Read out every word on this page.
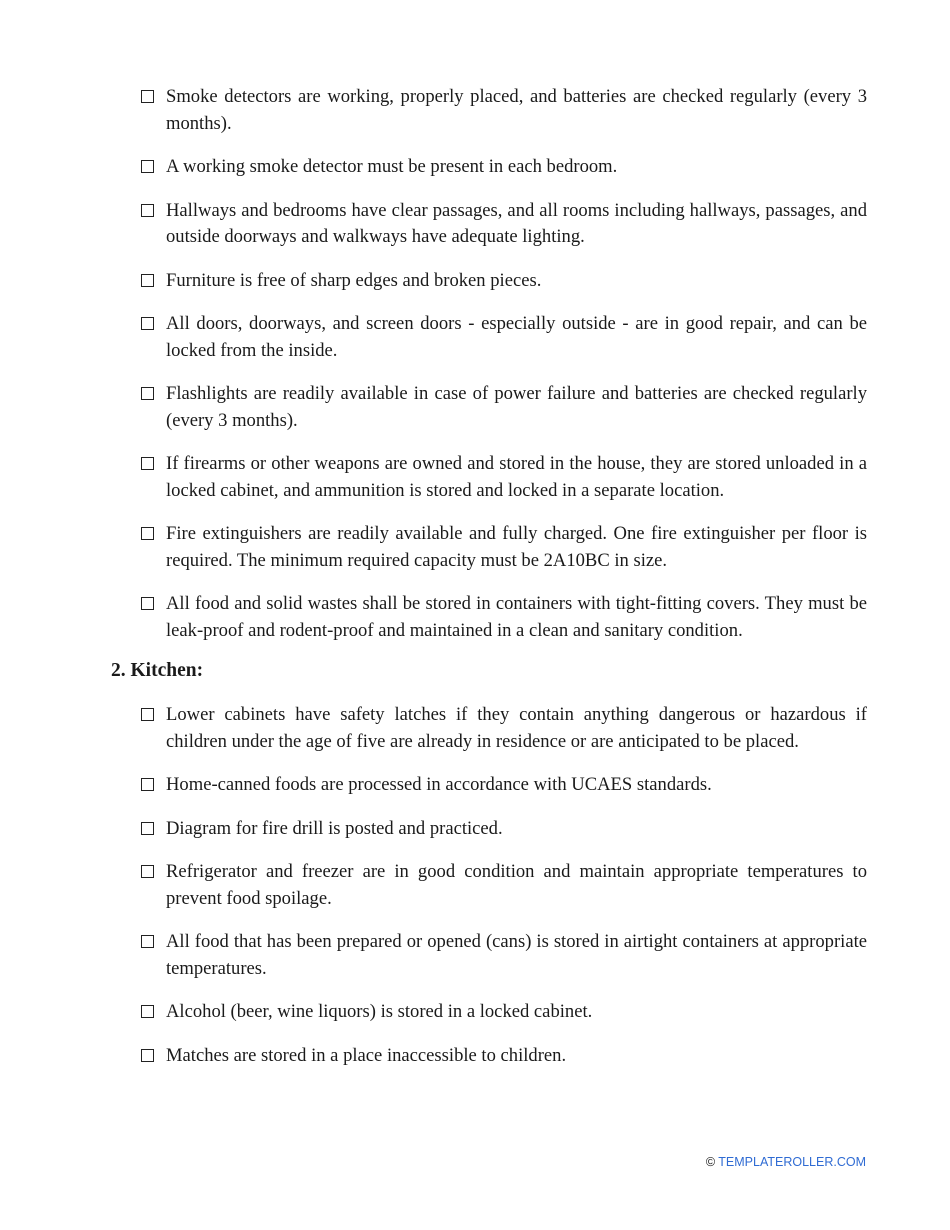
Smoke detectors are working, properly placed, and batteries are checked regularly (every 3 months).
A working smoke detector must be present in each bedroom.
Hallways and bedrooms have clear passages, and all rooms including hallways, passages, and outside doorways and walkways have adequate lighting.
Furniture is free of sharp edges and broken pieces.
All doors, doorways, and screen doors - especially outside - are in good repair, and can be locked from the inside.
Flashlights are readily available in case of power failure and batteries are checked regularly (every 3 months).
If firearms or other weapons are owned and stored in the house, they are stored unloaded in a locked cabinet, and ammunition is stored and locked in a separate location.
Fire extinguishers are readily available and fully charged. One fire extinguisher per floor is required. The minimum required capacity must be 2A10BC in size.
All food and solid wastes shall be stored in containers with tight-fitting covers. They must be leak-proof and rodent-proof and maintained in a clean and sanitary condition.
2. Kitchen:
Lower cabinets have safety latches if they contain anything dangerous or hazardous if children under the age of five are already in residence or are anticipated to be placed.
Home-canned foods are processed in accordance with UCAES standards.
Diagram for fire drill is posted and practiced.
Refrigerator and freezer are in good condition and maintain appropriate temperatures to prevent food spoilage.
All food that has been prepared or opened (cans) is stored in airtight containers at appropriate temperatures.
Alcohol (beer, wine liquors) is stored in a locked cabinet.
Matches are stored in a place inaccessible to children.
© TEMPLATEROLLER.COM
